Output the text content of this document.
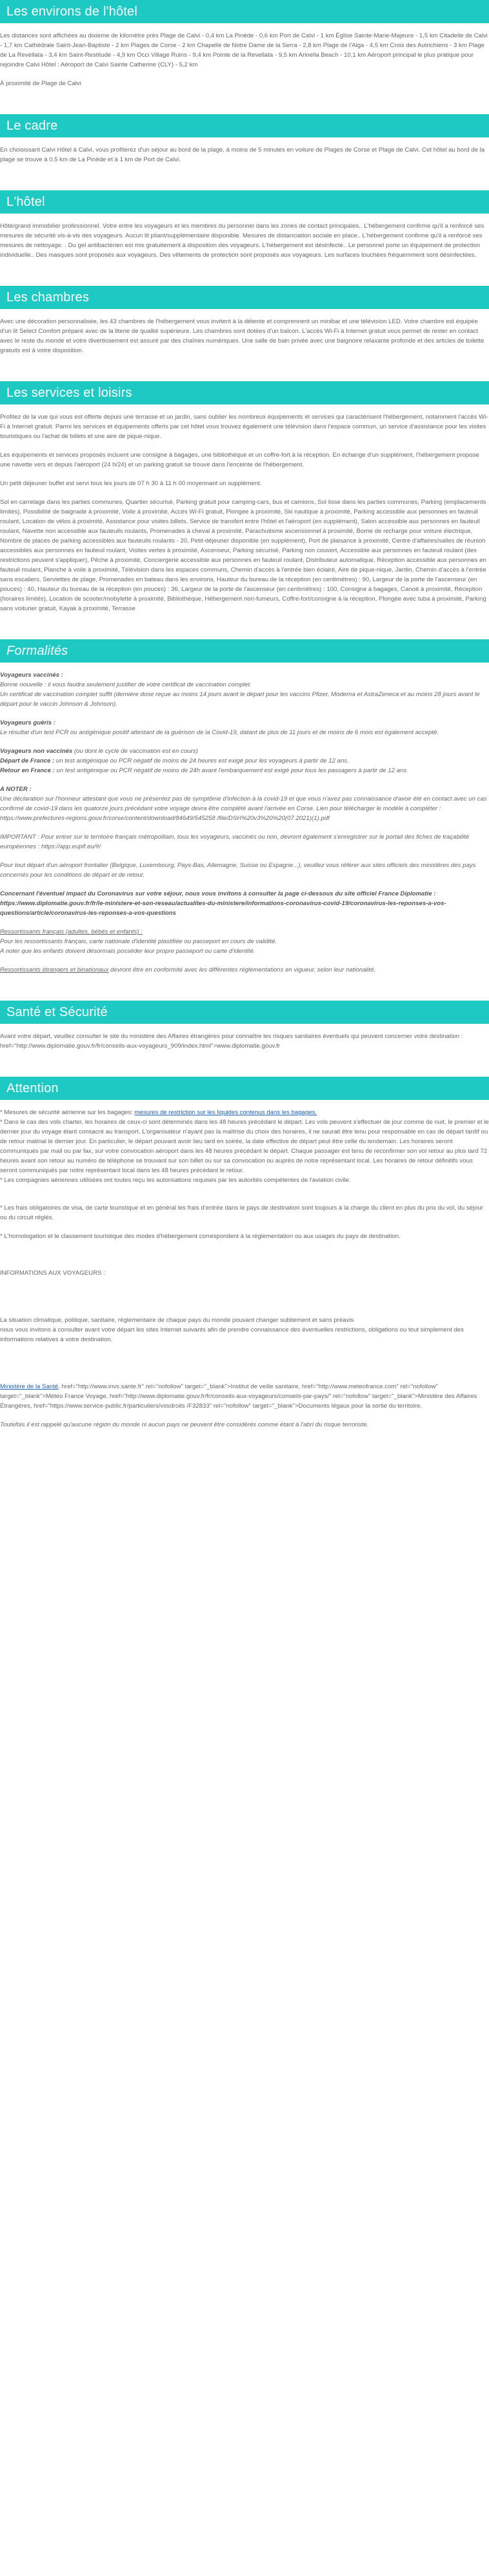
Les environs de l'hôtel

Les distances sont affichées au dixième de kilomètre près Plage de Calvi - 0,4 km La Pinède - 0,6 km Port de Calvi - 1 km Église Sainte-Marie-Majeure - 1,5 km Citadelle de Calvi - 1,7 km Cathédrale Saint-Jean-Baptiste - 2 km Plages de Corse - 2 km Chapelle de Notre Dame de la Serra - 2,8 km Plage de l'Alga - 4,5 km Croix des Autrichiens - 3 km Plage de La Revellata - 3,4 km Saint-Restitude - 4,9 km Occi Village Ruins - 9,4 km Pointe de la Revellata - 9,5 km Arinella Beach - 10,1 km Aéroport principal le plus pratique pour rejoindre Calvi Hôtel : Aéroport de Calvi Sainte Catherine (CLY) - 5,2 km

À proximité de Plage de Calvi

Le cadre

En choisissant Calvi Hôtel à Calvi, vous profiterez d'un séjour au bord de la plage, à moins de 5 minutes en voiture de Plages de Corse et Plage de Calvi. Cet hôtel au bord de la plage se trouve à 0,5 km de La Pinède et à 1 km de Port de Calvi.

L'hôtel

Hôte/grand immobilier professionnel. Votre entre les voyageurs et les membres du personnel dans les zones de contact principales.. L'hébergement confirme qu'il a renforcé ses mesures de sécurité vis-à-vis des voyageurs. Aucun lit pliant/supplémentaire disponible. Mesures de distanciation sociale en place.. L'hébergement confirme qu'il a renforcé ses mesures de nettoyage. . Du gel antibactérien est mis gratuitement à disposition des voyageurs. L'hébergement est désinfecté.. Le personnel porte un équipement de protection individuelle.. Des masques sont proposés aux voyageurs. Des vêtements de protection sont proposés aux voyageurs. Les surfaces touchées fréquemment sont désinfectées.

Les chambres

Avec une décoration personnalisée, les 43 chambres de l'hébergement vous invitent à la détente et comprennent un minibar et une télévision LED. Votre chambre est équipée d'un lit Select Comfort préparé avec de la literie de qualité supérieure. Les chambres sont dotées d'un balcon. L'accès Wi-Fi à Internet gratuit vous permet de rester en contact avec le reste du monde et votre divertissement est assuré par des chaînes numériques. Une salle de bain privée avec une baignoire relaxante profonde et des articles de toilette gratuits est à votre disposition.

Les services et loisirs

Profitez de la vue qui vous est offerte depuis une terrasse et un jardin, sans oublier les nombreux équipements et services qui caractérisent l'hébergement, notamment l'accès Wi-Fi à Internet gratuit. Parmi les services et équipements offerts par cet hôtel vous trouvez également une télévision dans l'espace commun, un service d'assistance pour les visites touristiques ou l'achat de billets et une aire de pique-nique.

Les équipements et services proposés incluent une consigne à bagages, une bibliothèque et un coffre-fort à la réception. En échange d'un supplément, l'hébergement propose une navette vers et depuis l'aéroport (24 h/24) et un parking gratuit se trouve dans l'enceinte de l'hébergement.

Un petit déjeuner buffet est servi tous les jours de 07 h 30 à 11 h 00 moyennant un supplément.

Sol en carrelage dans les parties communes, Quartier sécurisé, Parking gratuit pour camping-cars, bus et camions, Sol lisse dans les parties communes, Parking (emplacements limités), Possibilité de baignade à proximité, Voile à proximité, Accès Wi-Fi gratuit, Plongée à proximité, Ski nautique à proximité, Parking accessible aux personnes en fauteuil roulant, Location de vélos à proximité, Assistance pour visites billets, Service de transfert entre l'hôtel et l'aéroport (en supplément), Salon accessible aux personnes en fauteuil roulant, Navette non accessible aux fauteuils roulants, Promenades à cheval à proximité, Parachutisme ascensionnel à proximité, Borne de recharge pour voiture électrique, Nombre de places de parking accessibles aux fauteuils roulants - 20, Petit-déjeuner disponible (en supplément), Port de plaisance à proximité, Centre d'affaires/salles de réunion accessibles aux personnes en fauteuil roulant, Visites vertes à proximité, Ascenseur, Parking sécurisé, Parking non couvert, Accessible aux personnes en fauteuil roulant (des restrictions peuvent s'appliquer), Pêche à proximité, Conciergerie accessible aux personnes en fauteuil roulant, Distributeur automatique, Réception accessible aux personnes en fauteuil roulant, Planche à voile à proximité, Télévision dans les espaces communs, Chemin d'accès à l'entrée bien éclairé, Aire de pique-nique, Jardin, Chemin d'accès à l'entrée sans escaliers, Serviettes de plage, Promenades en bateau dans les environs, Hauteur du bureau de la réception (en centimètres) : 90, Largeur de la porte de l'ascenseur (en pouces) : 40, Hauteur du bureau de la réception (en pouces) : 36, Largeur de la porte de l'ascenseur (en centimètres) : 100, Consigne à bagages, Canoë à proximité, Réception (horaires limités), Location de scooter/mobylette à proximité, Bibliothèque, Hébergement non-fumeurs, Coffre-fort/consigne à la réception, Plongée avec tuba à proximité, Parking sans voiturier gratuit, Kayak à proximité, Terrasse

Formalités

Voyageurs vaccinés :
Bonne nouvelle : il vous faudra seulement justifier de votre certificat de vaccination complet.
Un certificat de vaccination complet suffit (dernière dose reçue au moins 14 jours avant le départ pour les vaccins Pfizer, Moderna et AstraZeneca et au moins 28 jours avant le départ pour le vaccin Johnson & Johnson).

Voyageurs guéris :
Le résultat d'un test PCR ou antigénique positif attestant de la guérison de la Covid-19, datant de plus de 11 jours et de moins de 6 mois est également accepté.

Voyageurs non vaccinés (ou dont le cycle de vaccination est en cours)
Départ de France : un test antigénique ou PCR négatif de moins de 24 heures est exigé pour les voyageurs à partir de 12 ans.
Retour en France : un test antigénique ou PCR négatif de moins de 24h avant l'embarquement est exigé pour tous les passagers à partir de 12 ans.

A NOTER :
Une déclaration sur l'honneur attestant que vous ne présentez pas de symptôme d'infection à la covid-19 et que vous n'avez pas connaissance d'avoir été en contact avec un cas confirmé de covid-19 dans les quatorze jours précédant votre voyage devra être complété avant l'arrivée en Corse. Lien pour télécharger le modèle à compléter : https://www.prefectures-regions.gouv.fr/corse/content/download/84649/545258 /file/DSH%20v3%20%20(07.2021)(1).pdf

IMPORTANT : Pour entrer sur le territoire français métropolitain, tous les voyageurs, vaccinés ou non, devront également s'enregistrer sur le portail des fiches de traçabilité européennes : https://app.euplf.eu/#/

Pour tout départ d'un aéroport frontalier (Belgique, Luxembourg, Pays-Bas, Allemagne, Suisse ou Espagne...), veuillez vous référer aux sites officiels des ministères des pays concernés pour les conditions de départ et de retour.

Concernant l'éventuel impact du Coronavirus sur votre séjour, nous vous invitons à consulter la page ci-dessous du site officiel France Diplomatie : https://www.diplomatie.gouv.fr/fr/le-ministere-et-son-reseau/actualites-du-ministere/informations-coronavirus-covid-19/coronavirus-les-reponses-a-vos-questions/article/coronavirus-les-reponses-a-vos-questions

Ressortissants français (adultes, bébés et enfants) :
Pour les ressortissants français, carte nationale d'identité plastifiée ou passeport en cours de validité.
A noter que les enfants doivent désormais posséder leur propre passeport ou carte d'identité.

Ressortissants étrangers et binationaux devront être en conformité avec les différentes réglementations en vigueur, selon leur nationalité.

Santé et Sécurité

Avant votre départ, veuillez consulter le site du ministère des Affaires étrangères pour connaître les risques sanitaires éventuels qui peuvent concerner votre destination : href="http://www.diplomatie.gouv.fr/fr/conseils-aux-voyageurs_909/index.html">www.diplomatie.gouv.fr

Attention

* Mesures de sécurité aérienne sur les bagages: mesures de restriction sur les liquides contenus dans les bagages.
* Dans le cas des vols charter, les horaires de ceux-ci sont déterminés dans les 48 heures précédant le départ. Les vols peuvent s'effectuer de jour comme de nuit, le premier et le dernier jour du voyage étant consacré au transport. L'organisateur n'ayant pas la maîtrise du choix des horaires, il ne saurait être tenu pour responsable en cas de départ tardif ou de retour matinal le dernier jour. En particulier, le départ pouvant avoir lieu tard en soirée, la date effective de départ peut être celle du lendemain. Les horaires seront communiqués par mail ou par fax, sur votre convocation aéroport dans les 48 heures précédant le départ. Chaque passager est tenu de reconfirmer son vol retour au plus tard 72 heures avant son retour au numéro de téléphone se trouvant sur son billet ou sur sa convocation ou auprès de notre représentant local. Les horaires de retour définitifs vous seront communiqués par notre représentant local dans les 48 heures précédant le retour.
* Les compagnies aériennes utilisées ont toutes reçu les autorisations requises par les autorités compétentes de l'aviation civile.

* Les frais obligatoires de visa, de carte touristique et en général les frais d'entrée dans le pays de destination sont toujours à la charge du client en plus du prix du vol, du séjour ou du circuit réglés.

* L'homologation et le classement touristique des modes d'hébergement correspondent à la réglementation ou aux usages du pays de destination.

INFORMATIONS AUX VOYAGEURS :

La situation climatique, politique, sanitaire, réglementaire de chaque pays du monde pouvant changer subitement et sans préavis
nous vous invitons à consulter avant votre départ les sites Internet suivants afin de prendre connaissance des éventuelles restrictions, obligations ou tout simplement des informations relatives à votre destination.

Ministère de la Santé, href="http://www.invs.sante.fr" rel="nofollow" target="_blank">Institut de veille sanitaire, href="http://www.meteofrance.com" rel="nofollow" target="_blank">Météo France Voyage, href="http://www.diplomatie.gouv.fr/fr/conseils-aux-voyageurs/conseils-par-pays/" rel="nofollow" target="_blank">Ministère des Affaires Étrangères, href="https://www.service-public.fr/particuliers/vosdroits /F32833" rel="nofollow" target="_blank">Documents légaux pour la sortie du territoire.

Toutefois il est rappelé qu'aucune région du monde ni aucun pays ne peuvent être considérés comme étant à l'abri du risque terroriste.
